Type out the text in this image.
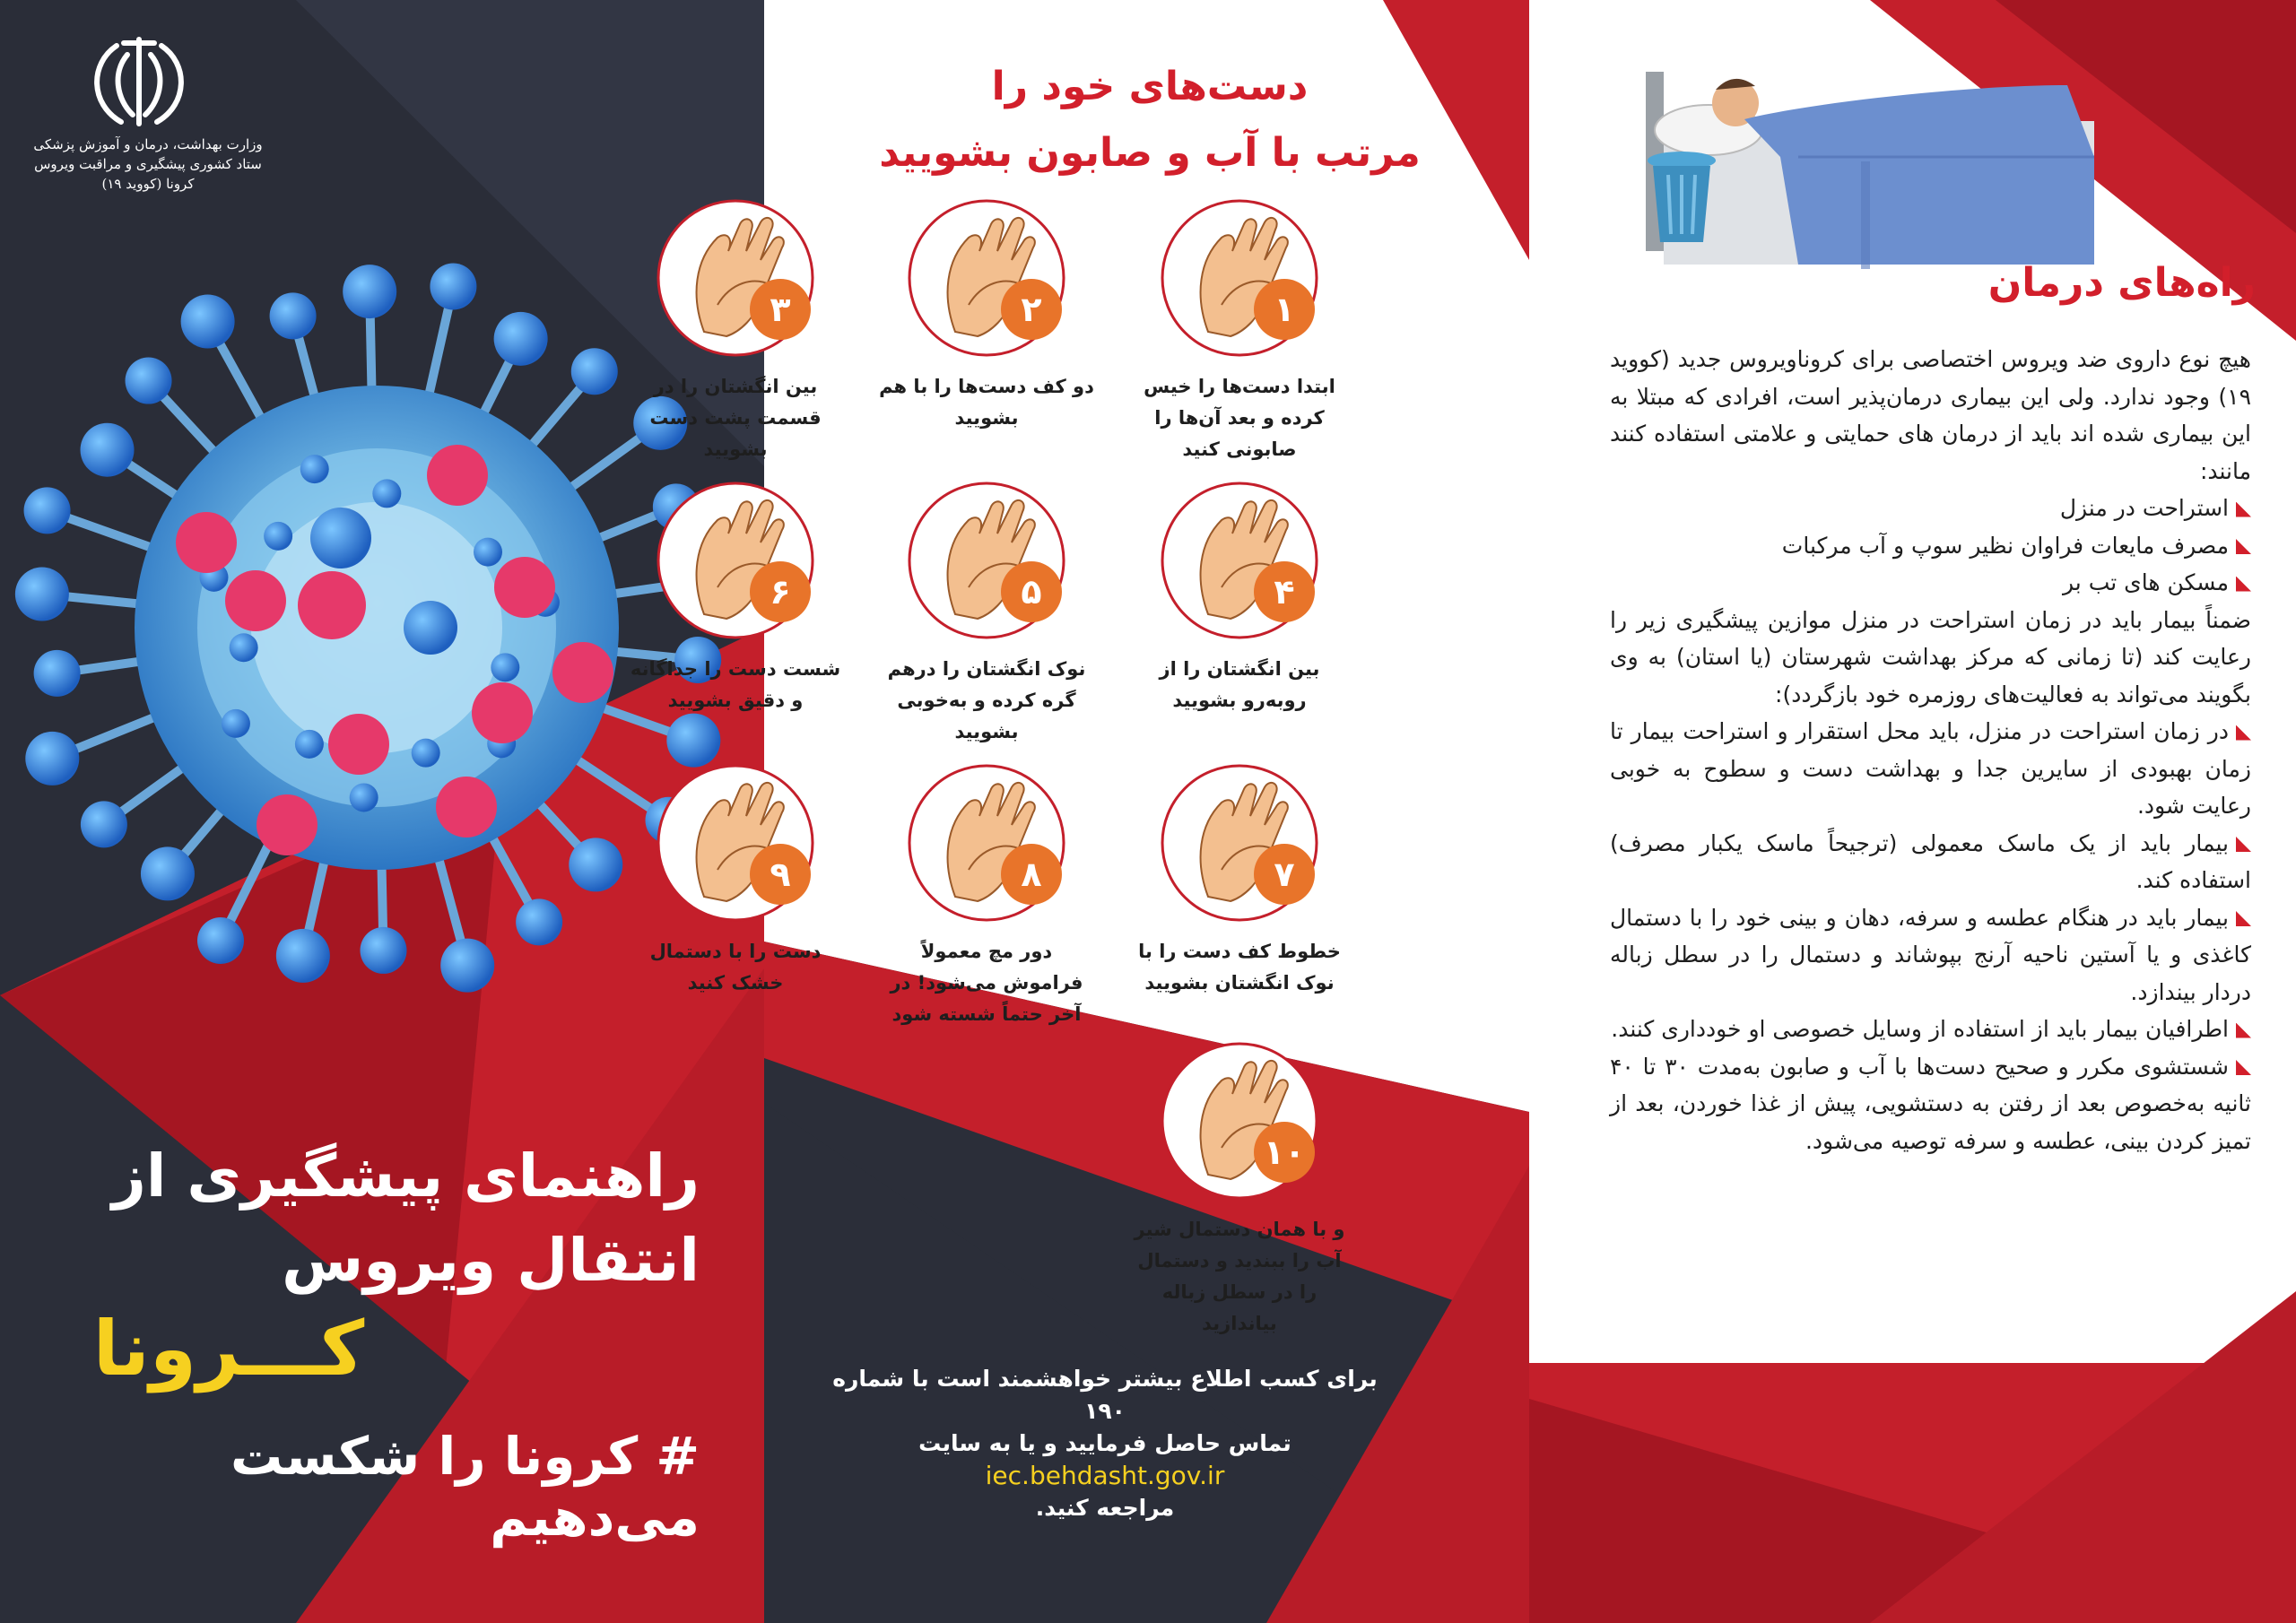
وزارت بهداشت، درمان و آموزش پزشکی
ستاد کشوری پیشگیری و مراقبت ویروس کرونا (کووید ۱۹)
راهنمای پیشگیری از
انتقال ویروس
کـــرونا
# کرونا را شکست می‌دهیم
دست‌های خود را
مرتب با آب و صابون بشویید
۱
ابتدا دست‌ها را خیس کرده و بعد آن‌ها را صابونی کنید
۲
دو کف دست‌ها را با هم بشویید
۳
بین انگشتان را در قسمت پشت دست بشویید
۴
بین انگشتان را از روبه‌رو بشویید
۵
نوک انگشتان را درهم گره کرده و به‌خوبی بشویید
۶
شست دست را جداگانه و دقیق بشویید
۷
خطوط کف دست را با نوک انگشتان بشویید
۸
دور مچ معمولاً فراموش می‌شود! در آخر حتماً شسته شود
۹
دست را با دستمال خشک کنید
۱۰
و با همان دستمال شیر آب را ببندید و دستمال را در سطل زباله بیاندازید
برای کسب اطلاع بیشتر خواهشمند است با شماره ۱۹۰
تماس حاصل فرمایید و یا به سایت
iec.behdasht.gov.ir
مراجعه کنید.
راه‌های درمان

هیچ نوع داروی ضد ویروس اختصاصی برای کروناویروس جدید (کووید ۱۹) وجود ندارد. ولی این بیماری درمان‌پذیر است، افرادی که مبتلا به این بیماری شده اند باید از درمان های حمایتی و علامتی استفاده کنند مانند:

استراحت در منزل
مصرف مایعات فراوان نظیر سوپ و آب مرکبات
مسکن های تب بر

ضمناً بیمار باید در زمان استراحت در منزل موازین پیشگیری زیر را رعایت کند (تا زمانی که مرکز بهداشت شهرستان (یا استان) به وی بگویند می‌تواند به فعالیت‌های روزمره خود بازگردد):

در زمان استراحت در منزل، باید محل استقرار و استراحت بیمار تا زمان بهبودی از سایرین جدا و بهداشت دست و سطوح به خوبی رعایت شود.
بیمار باید از یک ماسک معمولی (ترجیحاً ماسک یکبار مصرف) استفاده کند.
بیمار باید در هنگام عطسه و سرفه، دهان و بینی خود را با دستمال کاغذی و یا آستین ناحیه آرنج بپوشاند و دستمال را در سطل زباله دردار بیندازد.
اطرافیان بیمار باید از استفاده از وسایل خصوصی او خودداری کنند.
شستشوی مکرر و صحیح دست‌ها با آب و صابون به‌مدت ۳۰ تا ۴۰ ثانیه به‌خصوص بعد از رفتن به دستشویی، پیش از غذا خوردن، بعد از تمیز کردن بینی، عطسه و سرفه توصیه می‌شود.
